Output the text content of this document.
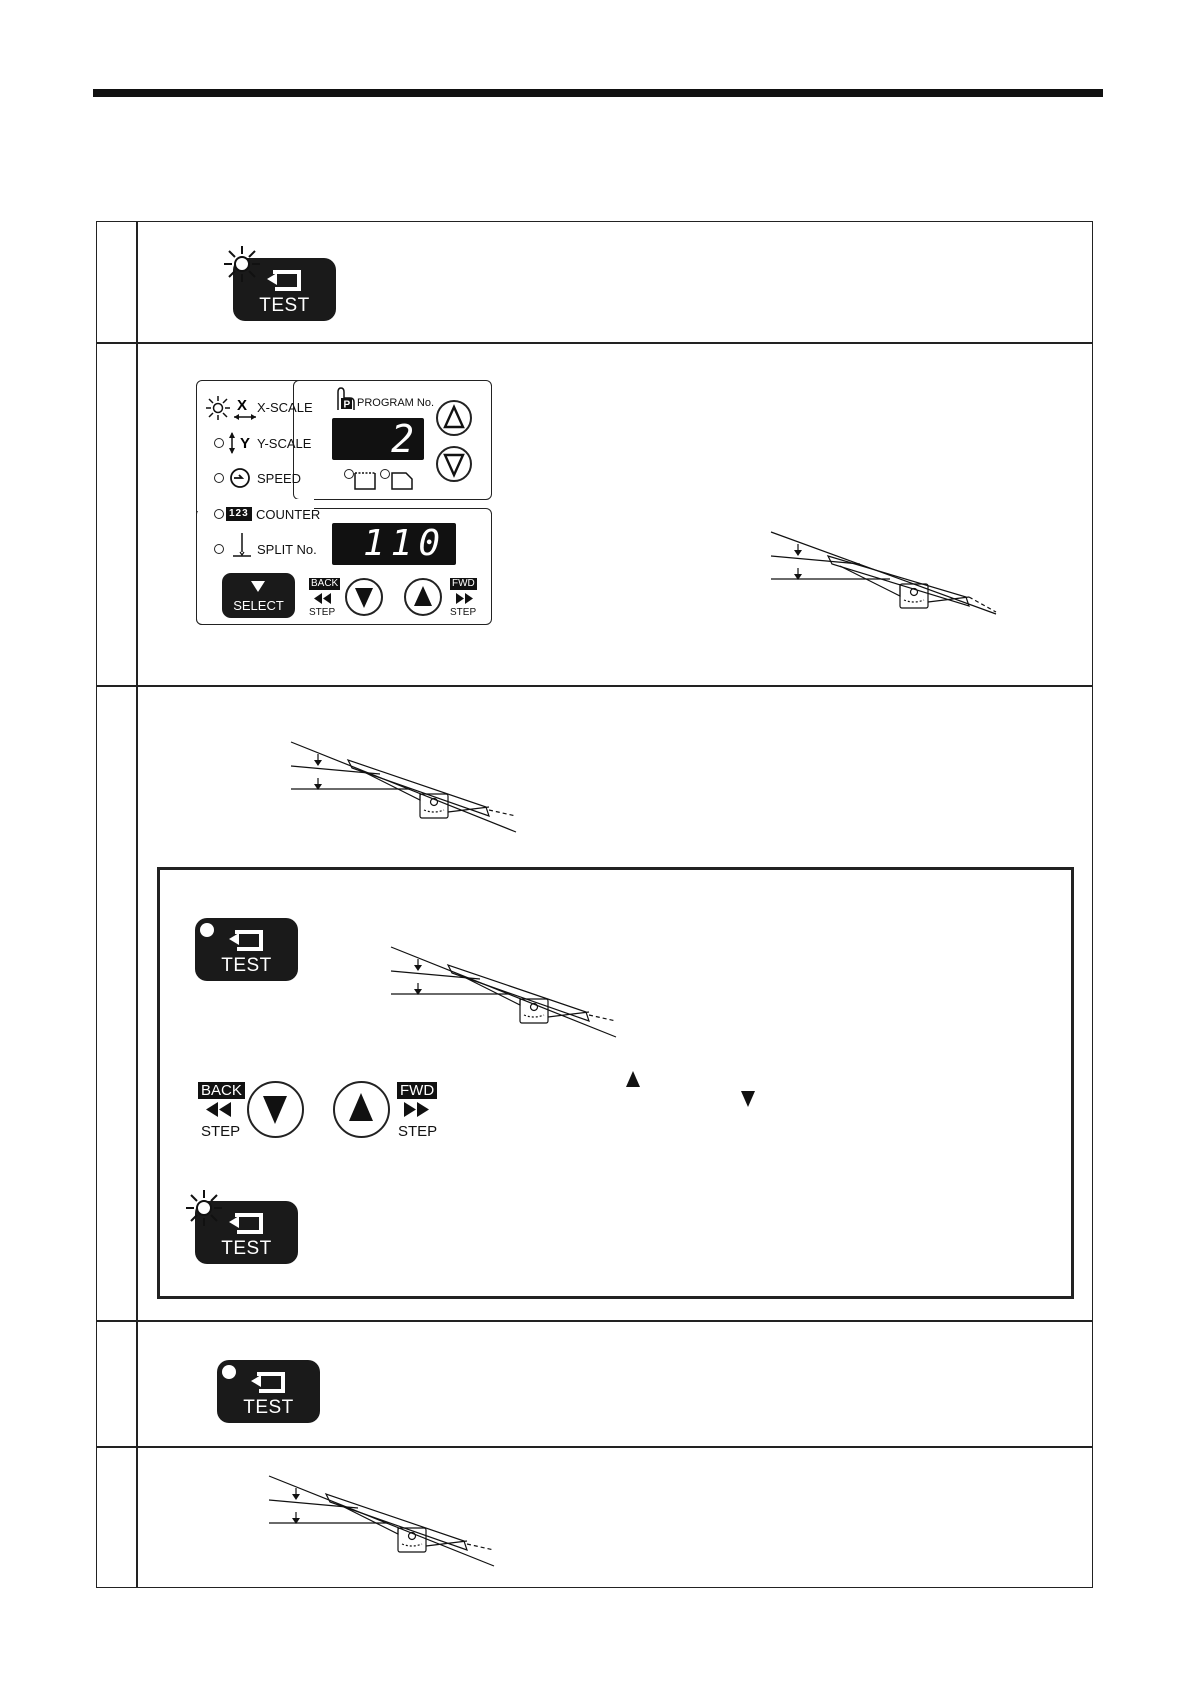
TEST
X X-SCALE
Y Y-SCALE
SPEED
123 COUNTER
SPLIT No.
P PROGRAM No.
2
110
SELECT
BACK
STEP
FWD
STEP
TEST
BACK
STEP
FWD
STEP
TEST
TEST
